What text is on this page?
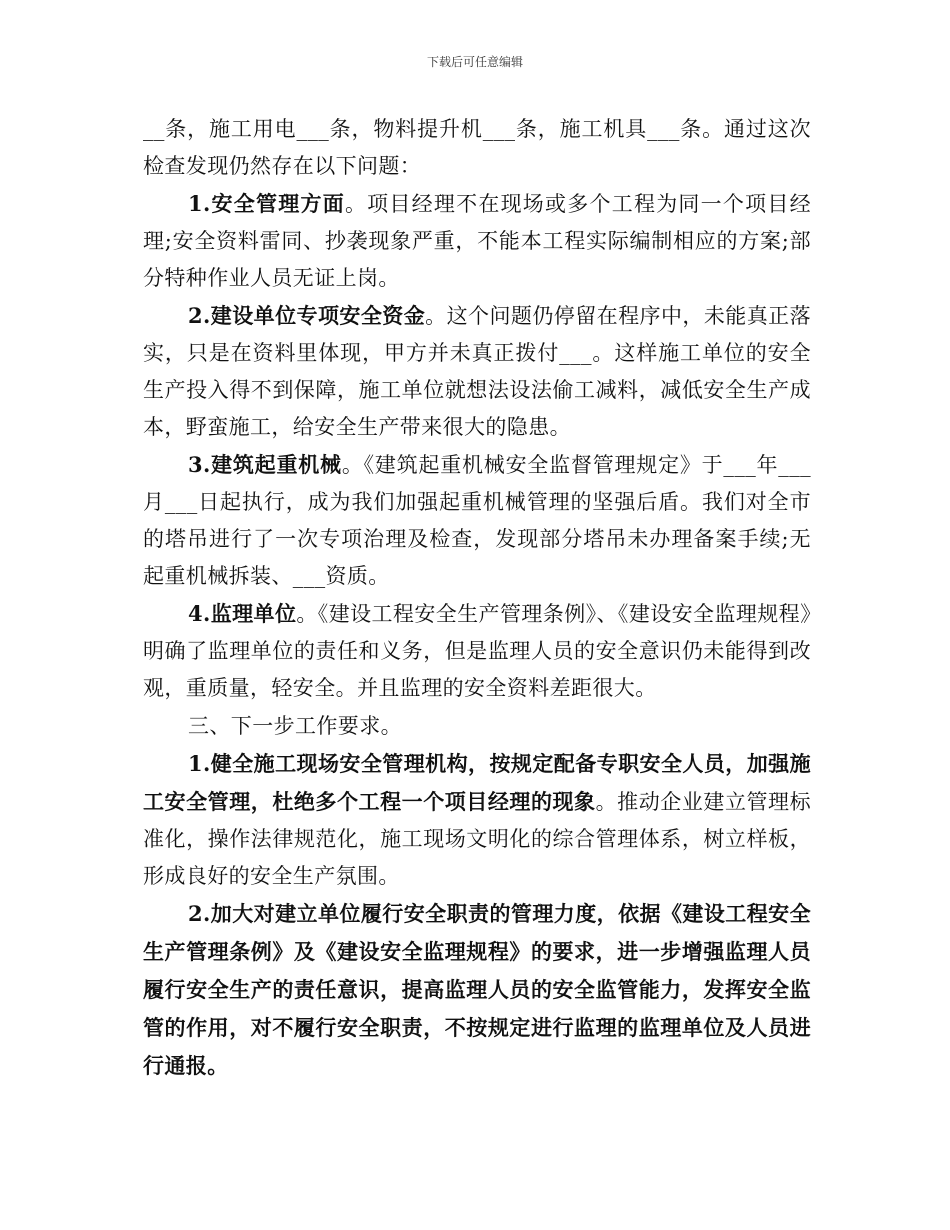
下载后可任意编辑

__条，施工用电___条，物料提升机___条，施工机具___条。通过这次检查发现仍然存在以下问题：

1.安全管理方面。项目经理不在现场或多个工程为同一个项目经理;安全资料雷同、抄袭现象严重，不能本工程实际编制相应的方案;部分特种作业人员无证上岗。

2.建设单位专项安全资金。这个问题仍停留在程序中，未能真正落实，只是在资料里体现，甲方并未真正拨付___。这样施工单位的安全生产投入得不到保障，施工单位就想法设法偷工减料，减低安全生产成本，野蛮施工，给安全生产带来很大的隐患。

3.建筑起重机械。《建筑起重机械安全监督管理规定》于___年___月___日起执行，成为我们加强起重机械管理的坚强后盾。我们对全市的塔吊进行了一次专项治理及检查，发现部分塔吊未办理备案手续;无起重机械拆装、___资质。

4.监理单位。《建设工程安全生产管理条例》、《建设安全监理规程》明确了监理单位的责任和义务，但是监理人员的安全意识仍未能得到改观，重质量，轻安全。并且监理的安全资料差距很大。

三、下一步工作要求。

1.健全施工现场安全管理机构，按规定配备专职安全人员，加强施工安全管理，杜绝多个工程一个项目经理的现象。推动企业建立管理标准化，操作法律规范化，施工现场文明化的综合管理体系，树立样板，形成良好的安全生产氛围。

2.加大对建立单位履行安全职责的管理力度，依据《建设工程安全生产管理条例》及《建设安全监理规程》的要求，进一步增强监理人员履行安全生产的责任意识，提高监理人员的安全监管能力，发挥安全监管的作用，对不履行安全职责，不按规定进行监理的监理单位及人员进行通报。
